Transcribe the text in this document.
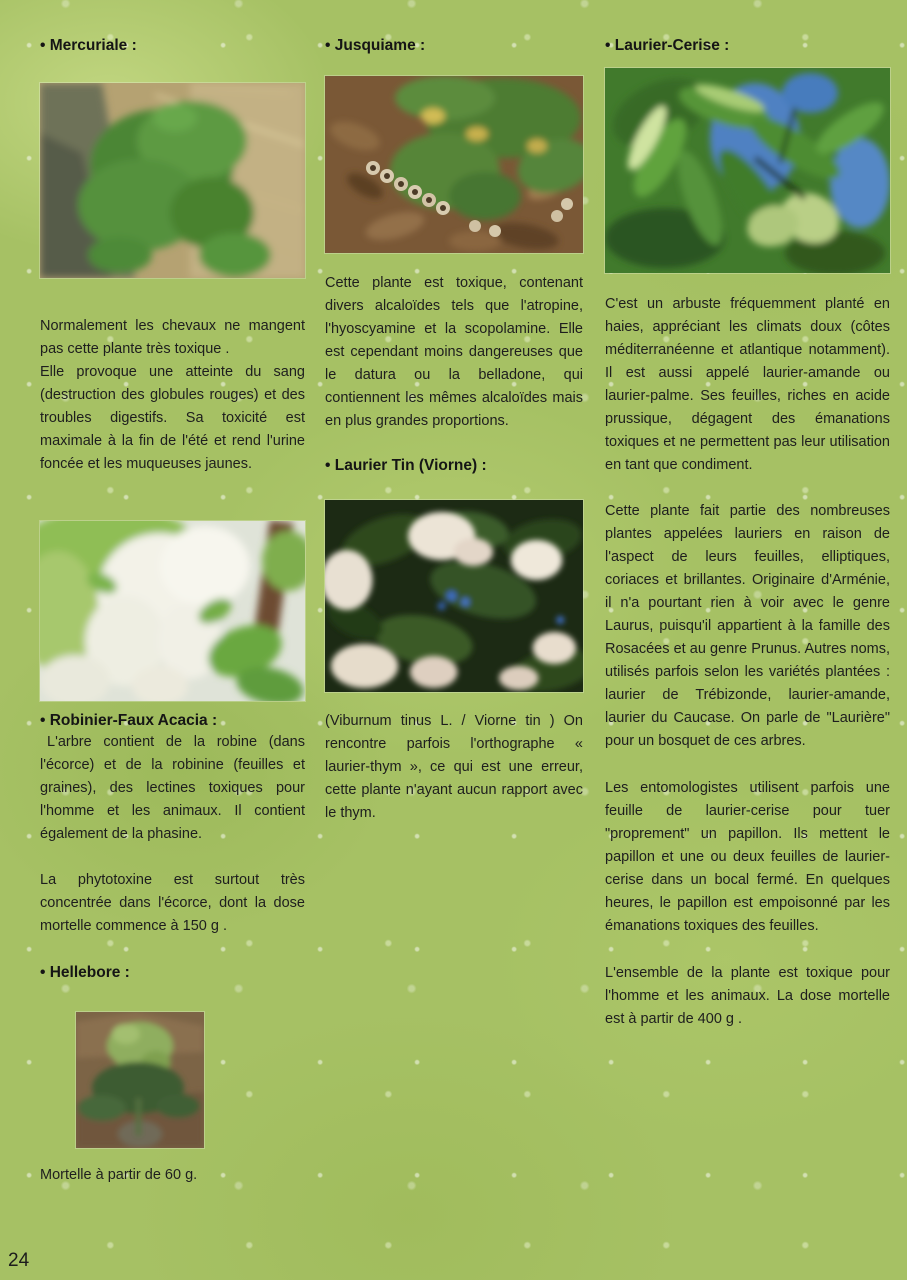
• Mercuriale :

Normalement les chevaux ne mangent pas cette plante très toxique .

Elle provoque une atteinte du sang (destruction des globules rouges) et des troubles digestifs. Sa toxicité est maximale à la fin de l'été et rend l'urine foncée et les muqueuses jaunes.

• Robinier-Faux Acacia :

L'arbre contient de la robine (dans l'écorce) et de la robinine (feuilles et graines), des lectines toxiques pour l'homme et les animaux. Il contient également de la phasine.

La phytotoxine est surtout très concentrée dans l'écorce, dont la dose mortelle commence à 150 g .

• Hellebore :

Mortelle à partir de 60 g.

• Jusquiame :

Cette plante est toxique, contenant divers alcaloïdes tels que l'atropine, l'hyoscyamine et la scopolamine. Elle est cependant moins dangereuses que le datura ou la belladone, qui contiennent les mêmes alcaloïdes mais en plus grandes proportions.

• Laurier Tin (Viorne) :

(Viburnum tinus L. / Viorne tin ) On rencontre parfois l'orthographe « laurier-thym », ce qui est une erreur, cette plante n'ayant aucun rapport avec le thym.

• Laurier-Cerise :

C'est un arbuste fréquemment planté en haies, appréciant les climats doux (côtes méditerranéenne et atlantique notamment). Il est aussi appelé laurier-amande ou laurier-palme. Ses feuilles, riches en acide prussique, dégagent des émanations toxiques et ne permettent pas leur utilisation en tant que condiment.

Cette plante fait partie des nombreuses plantes appelées lauriers en raison de l'aspect de leurs feuilles, elliptiques, coriaces et brillantes. Originaire d'Arménie, il n'a pourtant rien à voir avec le genre Laurus, puisqu'il appartient à la famille des Rosacées et au genre Prunus. Autres noms, utilisés parfois selon les variétés plantées : laurier de Trébizonde, laurier-amande, laurier du Caucase. On parle de "Laurière" pour un bosquet de ces arbres.

Les entomologistes utilisent parfois une feuille de laurier-cerise pour tuer "proprement" un papillon. Ils mettent le papillon et une ou deux feuilles de laurier-cerise dans un bocal fermé. En quelques heures, le papillon est empoisonné par les émanations toxiques des feuilles.

L'ensemble de la plante est toxique pour l'homme et les animaux. La dose mortelle est à partir de 400 g .

24
